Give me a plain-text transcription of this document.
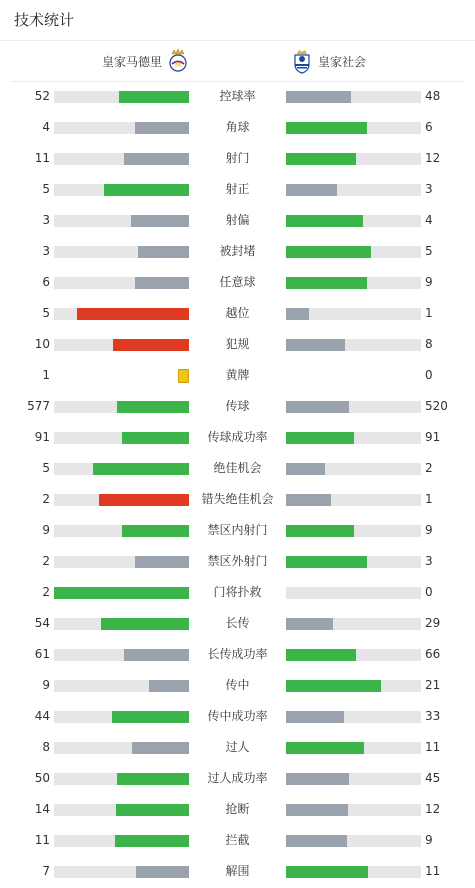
技术统计
皇家马德里 M	皇家社会
52	控球率	48
4	角球	6
11	射门	12
5	射正	3
3	射偏	4
3	被封堵	5
6	任意球	9
5	越位	1
10	犯规	8
1	黄牌	0
577	传球	520
91	传球成功率	91
5	绝佳机会	2
2	错失绝佳机会	1
9	禁区内射门	9
2	禁区外射门	3
2	门将扑救	0
54	长传	29
61	长传成功率	66
9	传中	21
44	传中成功率	33
8	过人	11
50	过人成功率	45
14	抢断	12
11	拦截	9
7	解围	11
